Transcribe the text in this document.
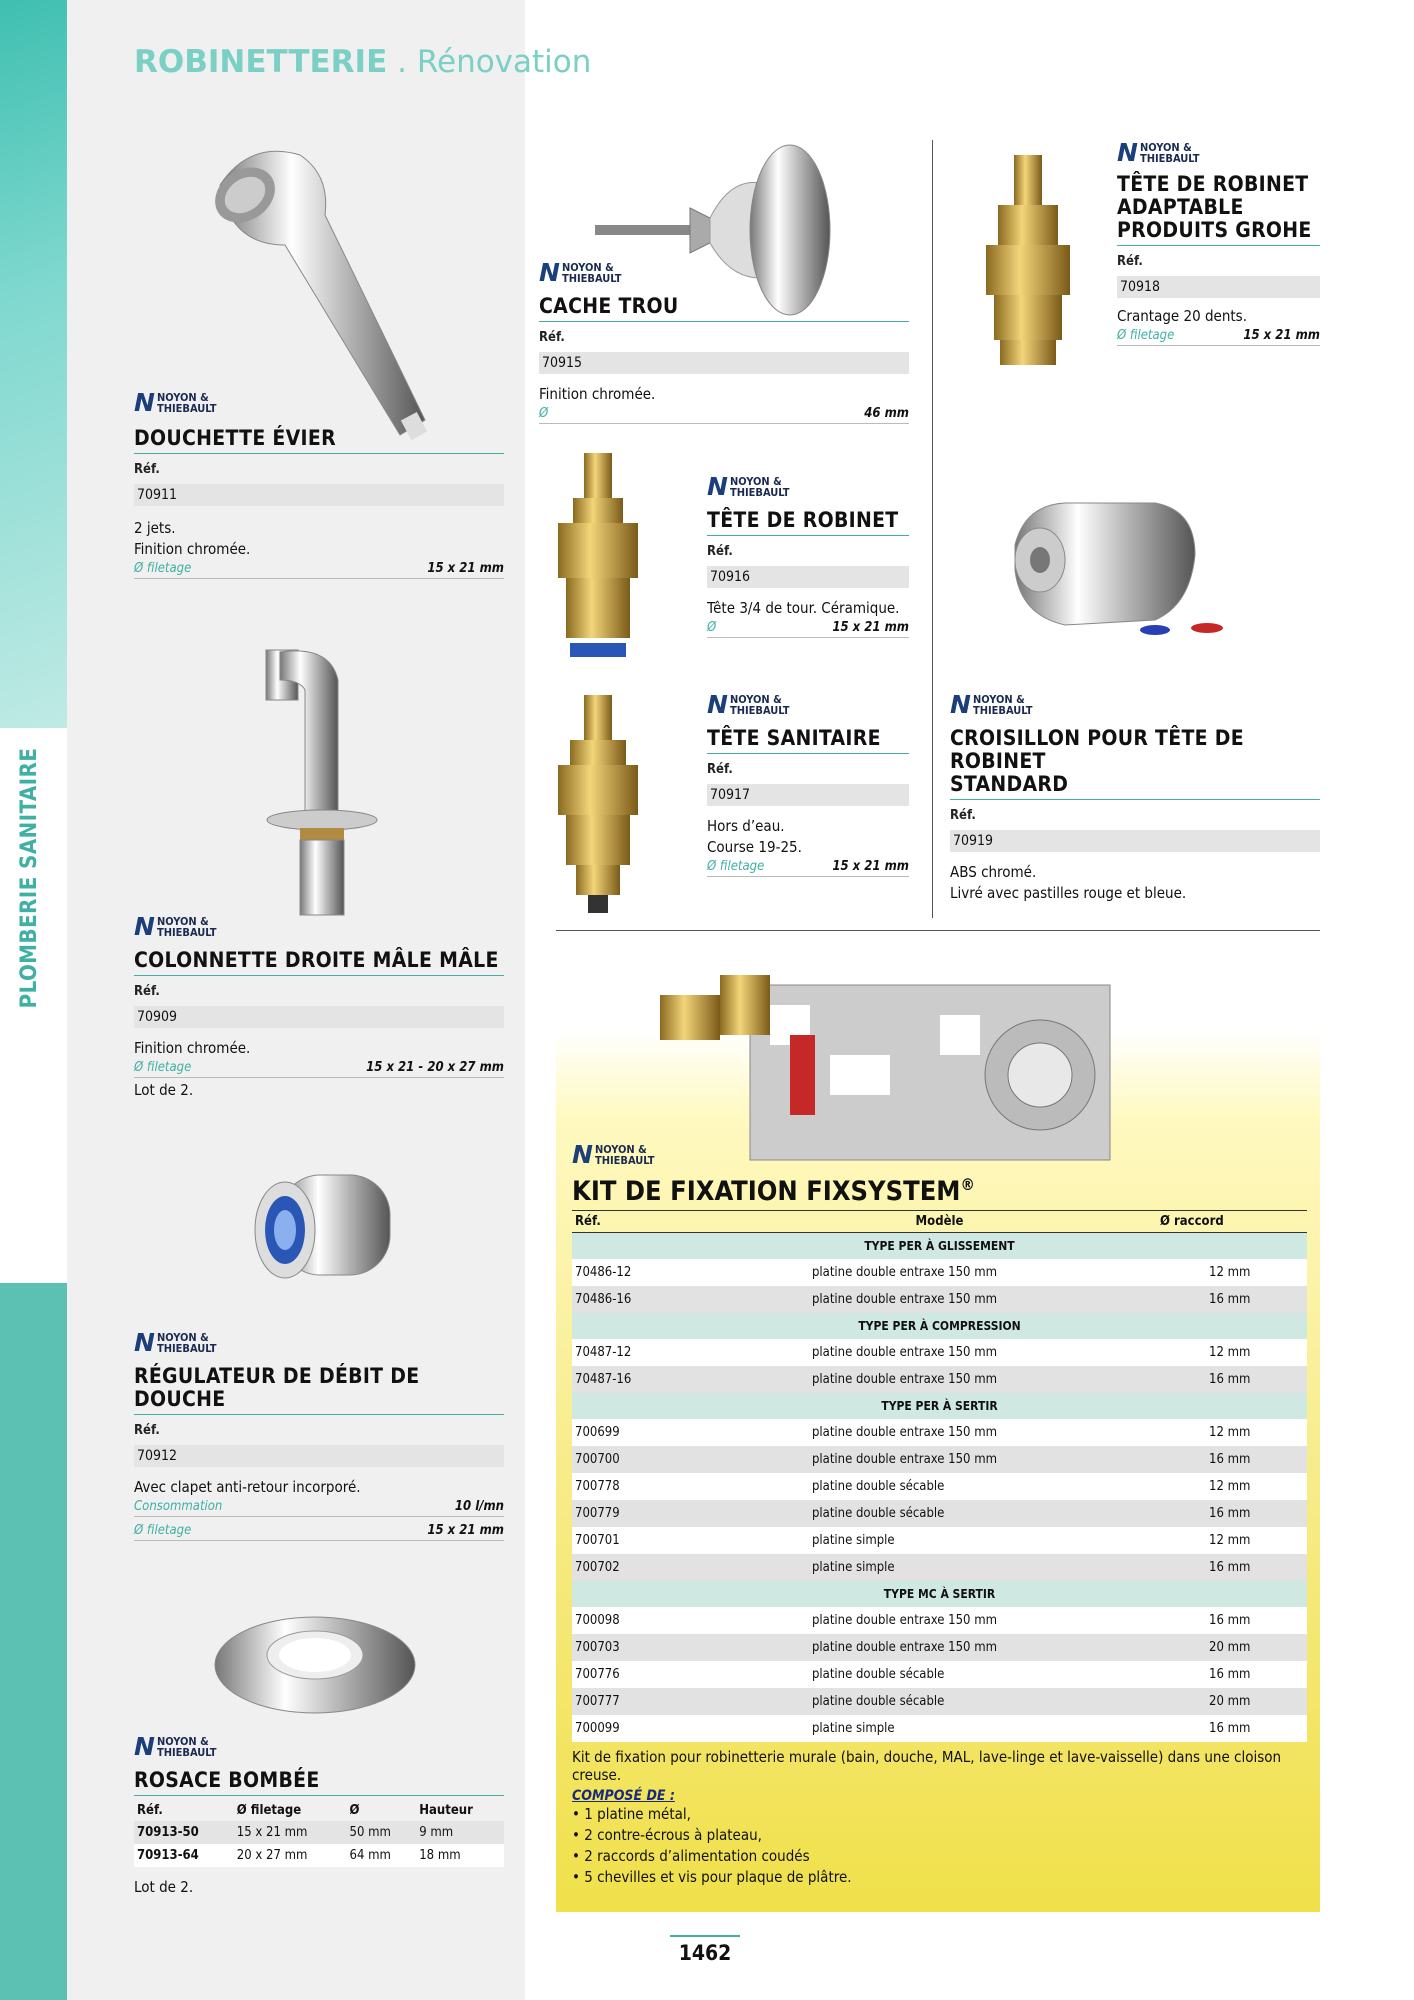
PLOMBERIE SANITAIRE
ROBINETTERIE . Rénovation
N NOYON &
THIEBAULT
DOUCHETTE ÉVIER
Réf.
70911
2 jets.
Finition chromée.
Ø filetage	15 x 21 mm
N NOYON &
THIEBAULT
COLONNETTE DROITE MÂLE MÂLE
Réf.
70909
Finition chromée.
Ø filetage	15 x 21 - 20 x 27 mm
Lot de 2.
N NOYON &
THIEBAULT
RÉGULATEUR DE DÉBIT DE DOUCHE
Réf.
70912
Avec clapet anti-retour incorporé.
Consommation	10 l/mn
Ø filetage	15 x 21 mm
N NOYON &
THIEBAULT
ROSACE BOMBÉE
Réf.	Ø filetage	Ø	Hauteur
70913-50	15 x 21 mm	50 mm	9 mm
70913-64	20 x 27 mm	64 mm	18 mm
Lot de 2.
N NOYON &
THIEBAULT
CACHE TROU
Réf.
70915
Finition chromée.
Ø	46 mm
N NOYON &
THIEBAULT
TÊTE DE ROBINET
Réf.
70916
Tête 3/4 de tour. Céramique.
Ø	15 x 21 mm
N NOYON &
THIEBAULT
TÊTE SANITAIRE
Réf.
70917
Hors d’eau.
Course 19-25.
Ø filetage	15 x 21 mm
N NOYON &
THIEBAULT
TÊTE DE ROBINET
ADAPTABLE
PRODUITS GROHE
Réf.
70918
Crantage 20 dents.
Ø filetage	15 x 21 mm
N NOYON &
THIEBAULT
CROISILLON POUR TÊTE DE ROBINET
STANDARD
Réf.
70919
ABS chromé.
Livré avec pastilles rouge et bleue.
N NOYON &
THIEBAULT
KIT DE FIXATION FIXSYSTEM®
Réf.	Modèle	Ø raccord
TYPE PER À GLISSEMENT		
70486-12	platine double entraxe 150 mm	12 mm
70486-16	platine double entraxe 150 mm	16 mm
TYPE PER À COMPRESSION		
70487-12	platine double entraxe 150 mm	12 mm
70487-16	platine double entraxe 150 mm	16 mm
TYPE PER À SERTIR		
700699	platine double entraxe 150 mm	12 mm
700700	platine double entraxe 150 mm	16 mm
700778	platine double sécable	12 mm
700779	platine double sécable	16 mm
700701	platine simple	12 mm
700702	platine simple	16 mm
TYPE MC À SERTIR		
700098	platine double entraxe 150 mm	16 mm
700703	platine double entraxe 150 mm	20 mm
700776	platine double sécable	16 mm
700777	platine double sécable	20 mm
700099	platine simple	16 mm
Kit de fixation pour robinetterie murale (bain, douche, MAL, lave-linge et lave-vaisselle) dans une cloison creuse.
COMPOSÉ DE :
• 1 platine métal,
• 2 contre-écrous à plateau,
• 2 raccords d’alimentation coudés
• 5 chevilles et vis pour plaque de plâtre.
1462
